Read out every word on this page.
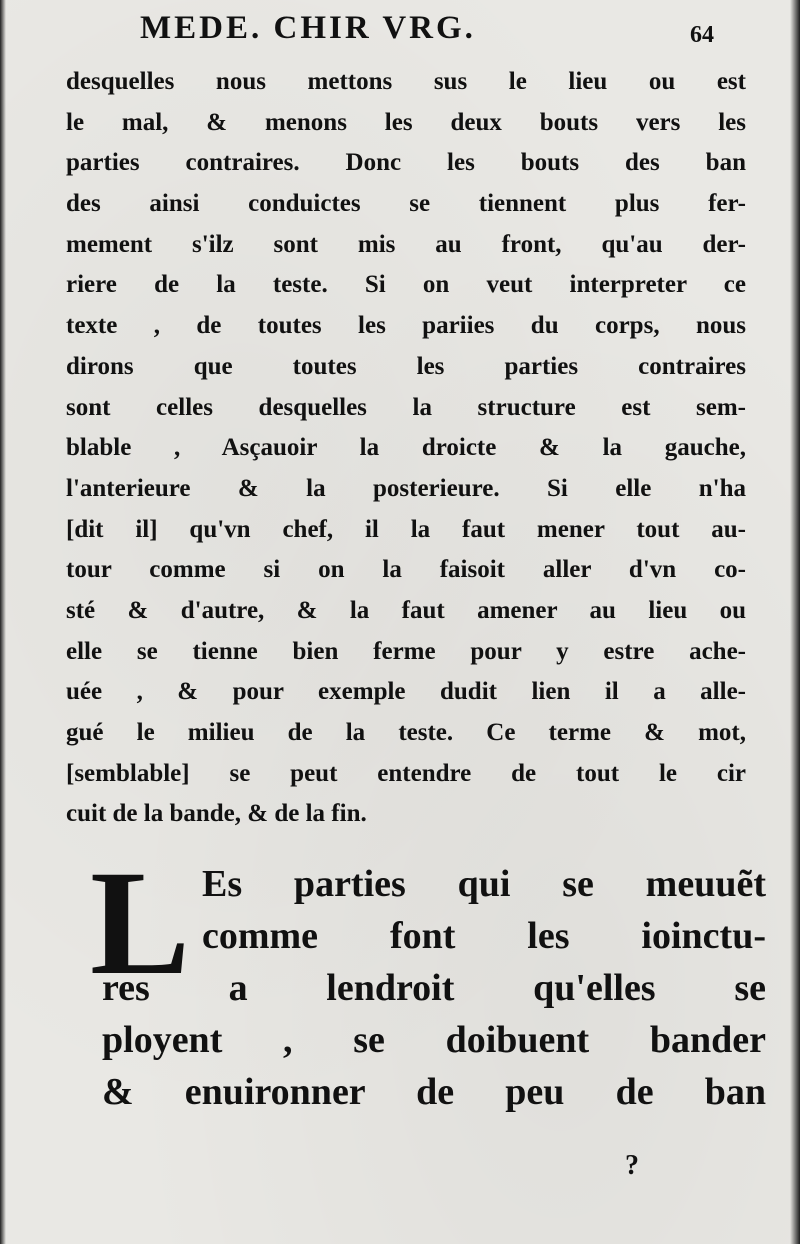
MEDE. CHIR VRG.	64
desquelles nous mettons sus le lieu ou est
le mal, & menons les deux bouts vers les
parties contraires. Donc les bouts des ban
des ainsi conduictes se tiennent plus fer-
mement s'ilz sont mis au front, qu'au der-
riere de la teste. Si on veut interpreter ce
texte , de toutes les pariies du corps, nous
dirons que toutes les parties contraires
sont celles desquelles la structure est sem-
blable , Asçauoir la droicte & la gauche,
l'anterieure & la posterieure. Si elle n'ha
[dit il] qu'vn chef, il la faut mener tout au-
tour comme si on la faisoit aller d'vn co-
sté & d'autre, & la faut amener au lieu ou
elle se tienne bien ferme pour y estre ache-
uée , & pour exemple dudit lien il a alle-
gué le milieu de la teste. Ce terme & mot,
[semblable] se peut entendre de tout le cir
cuit de la bande, & de la fin.
L Es parties qui se meuuẽt
comme font les ioinctu-
res a lendroit qu'elles se
ployent , se doibuent bander
& enuironner de peu de ban
?
